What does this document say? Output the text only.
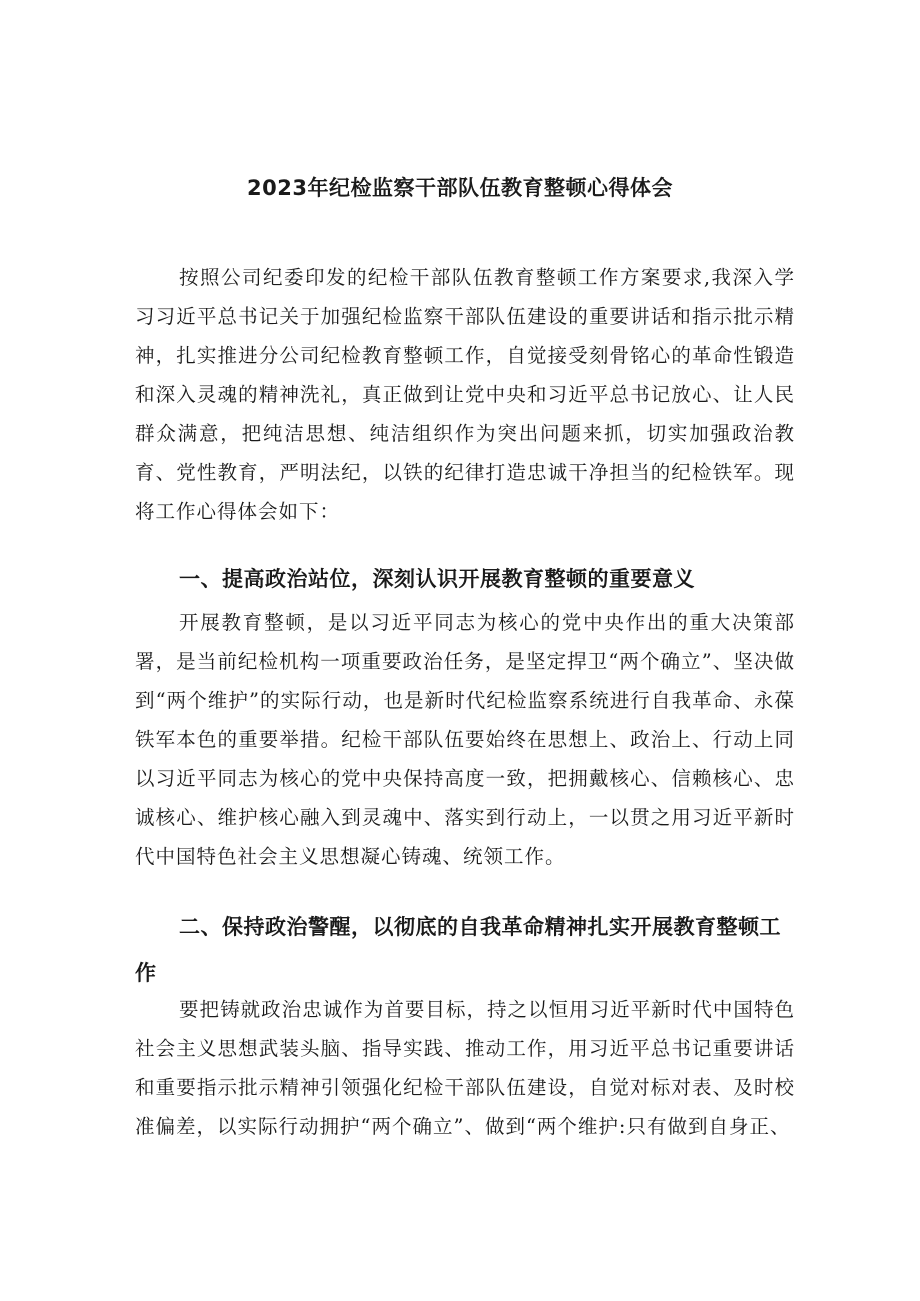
2023年纪检监察干部队伍教育整顿心得体会

按照公司纪委印发的纪检干部队伍教育整顿工作方案要求,我深入学习习近平总书记关于加强纪检监察干部队伍建设的重要讲话和指示批示精神，扎实推进分公司纪检教育整顿工作，自觉接受刻骨铭心的革命性锻造和深入灵魂的精神洗礼，真正做到让党中央和习近平总书记放心、让人民群众满意，把纯洁思想、纯洁组织作为突出问题来抓，切实加强政治教育、党性教育，严明法纪，以铁的纪律打造忠诚干净担当的纪检铁军。现将工作心得体会如下：

一、提高政治站位，深刻认识开展教育整顿的重要意义

开展教育整顿，是以习近平同志为核心的党中央作出的重大决策部署，是当前纪检机构一项重要政治任务，是坚定捍卫“两个确立”、坚决做到“两个维护”的实际行动，也是新时代纪检监察系统进行自我革命、永葆铁军本色的重要举措。纪检干部队伍要始终在思想上、政治上、行动上同以习近平同志为核心的党中央保持高度一致，把拥戴核心、信赖核心、忠诚核心、维护核心融入到灵魂中、落实到行动上，一以贯之用习近平新时代中国特色社会主义思想凝心铸魂、统领工作。

二、保持政治警醒，以彻底的自我革命精神扎实开展教育整顿工作

要把铸就政治忠诚作为首要目标，持之以恒用习近平新时代中国特色社会主义思想武装头脑、指导实践、推动工作，用习近平总书记重要讲话和重要指示批示精神引领强化纪检干部队伍建设，自觉对标对表、及时校准偏差，以实际行动拥护“两个确立”、做到“两个维护:只有做到自身正、
